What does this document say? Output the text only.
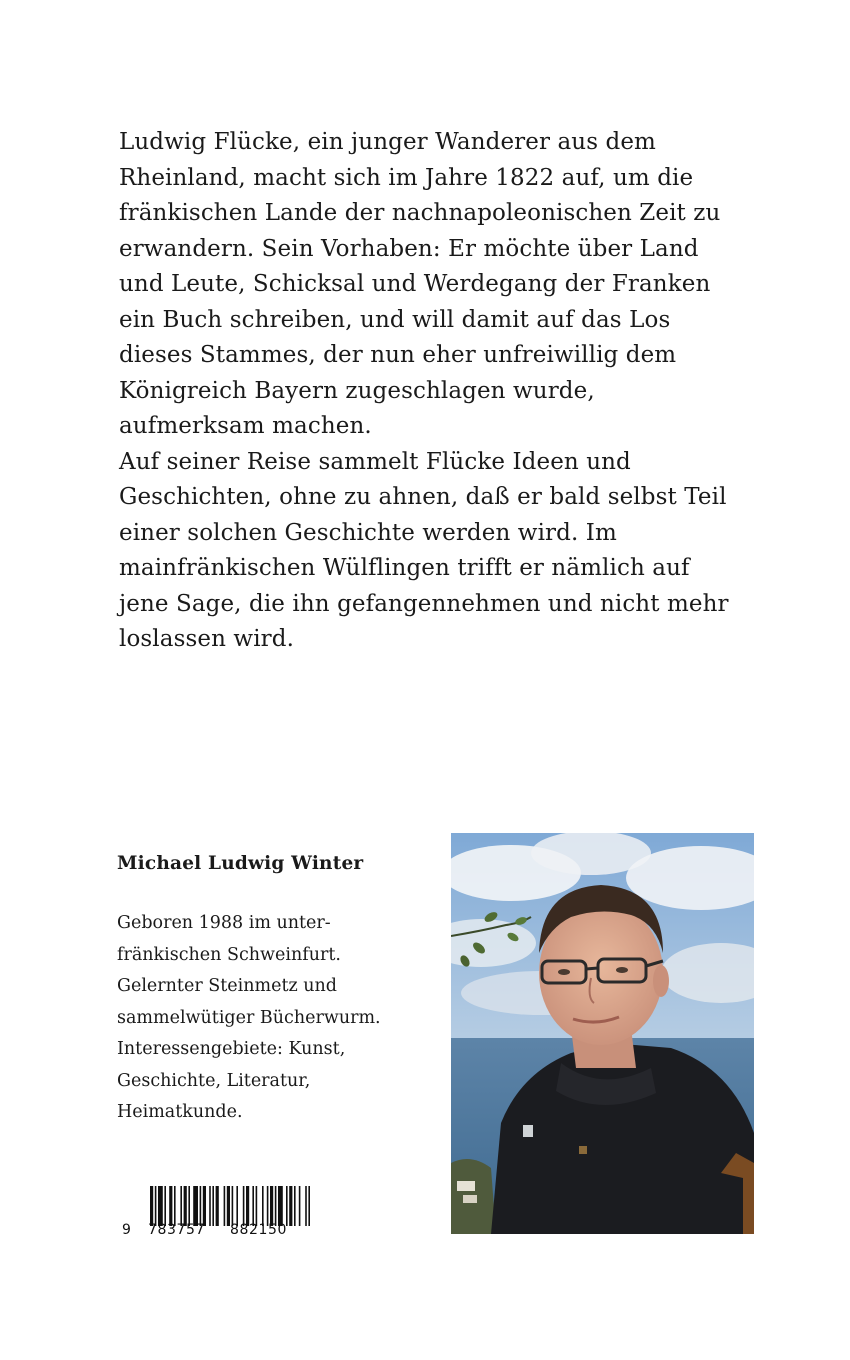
Ludwig Flücke, ein junger Wanderer aus dem
Rheinland, macht sich im Jahre 1822 auf, um die
fränkischen Lande der nachnapoleonischen Zeit zu
erwandern. Sein Vorhaben: Er möchte über Land
und Leute, Schicksal und Werdegang der Franken
ein Buch schreiben, und will damit auf das Los
dieses Stammes, der nun eher unfreiwillig dem
Königreich Bayern zugeschlagen wurde,
aufmerksam machen.
Auf seiner Reise sammelt Flücke Ideen und
Geschichten, ohne zu ahnen, daß er bald selbst Teil
einer solchen Geschichte werden wird. Im
mainfränkischen Wülflingen trifft er nämlich auf
jene Sage, die ihn gefangennehmen und nicht mehr
loslassen wird.
Michael Ludwig Winter
Geboren 1988 im unter-
fränkischen Schweinfurt.
Gelernter Steinmetz und
sammelwütiger Bücherwurm.
Interessengebiete: Kunst,
Geschichte, Literatur,
Heimatkunde.
9 783757 882150
